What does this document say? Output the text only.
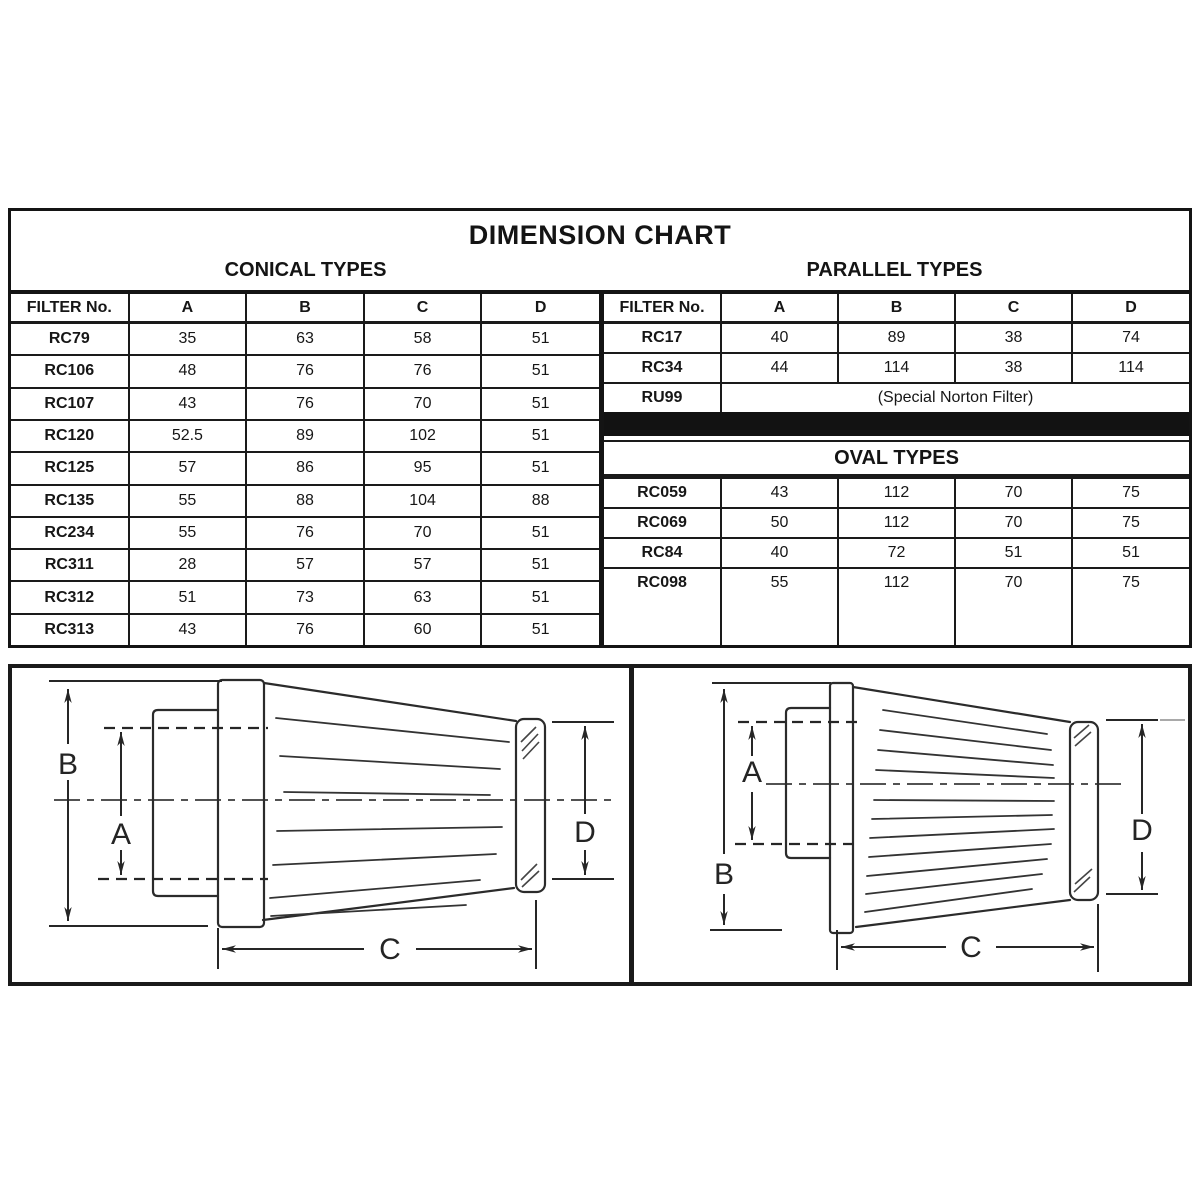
DIMENSION CHART
CONICAL TYPES	PARALLEL TYPES
FILTER No.	A	B	C	D
RC79	35	63	58	51
RC106	48	76	76	51
RC107	43	76	70	51
RC120	52.5	89	102	51
RC125	57	86	95	51
RC135	55	88	104	88
RC234	55	76	70	51
RC311	28	57	57	51
RC312	51	73	63	51
RC313	43	76	60	51
FILTER No.	A	B	C	D
RC17	40	89	38	74
RC34	44	114	38	114
RU99	(Special Norton Filter)			
OVAL TYPES
RC059	43	112	70	75
RC069	50	112	70	75
RC84	40	72	51	51
RC098	55	112	70	75
B
A	D
C
B
A
D
C
